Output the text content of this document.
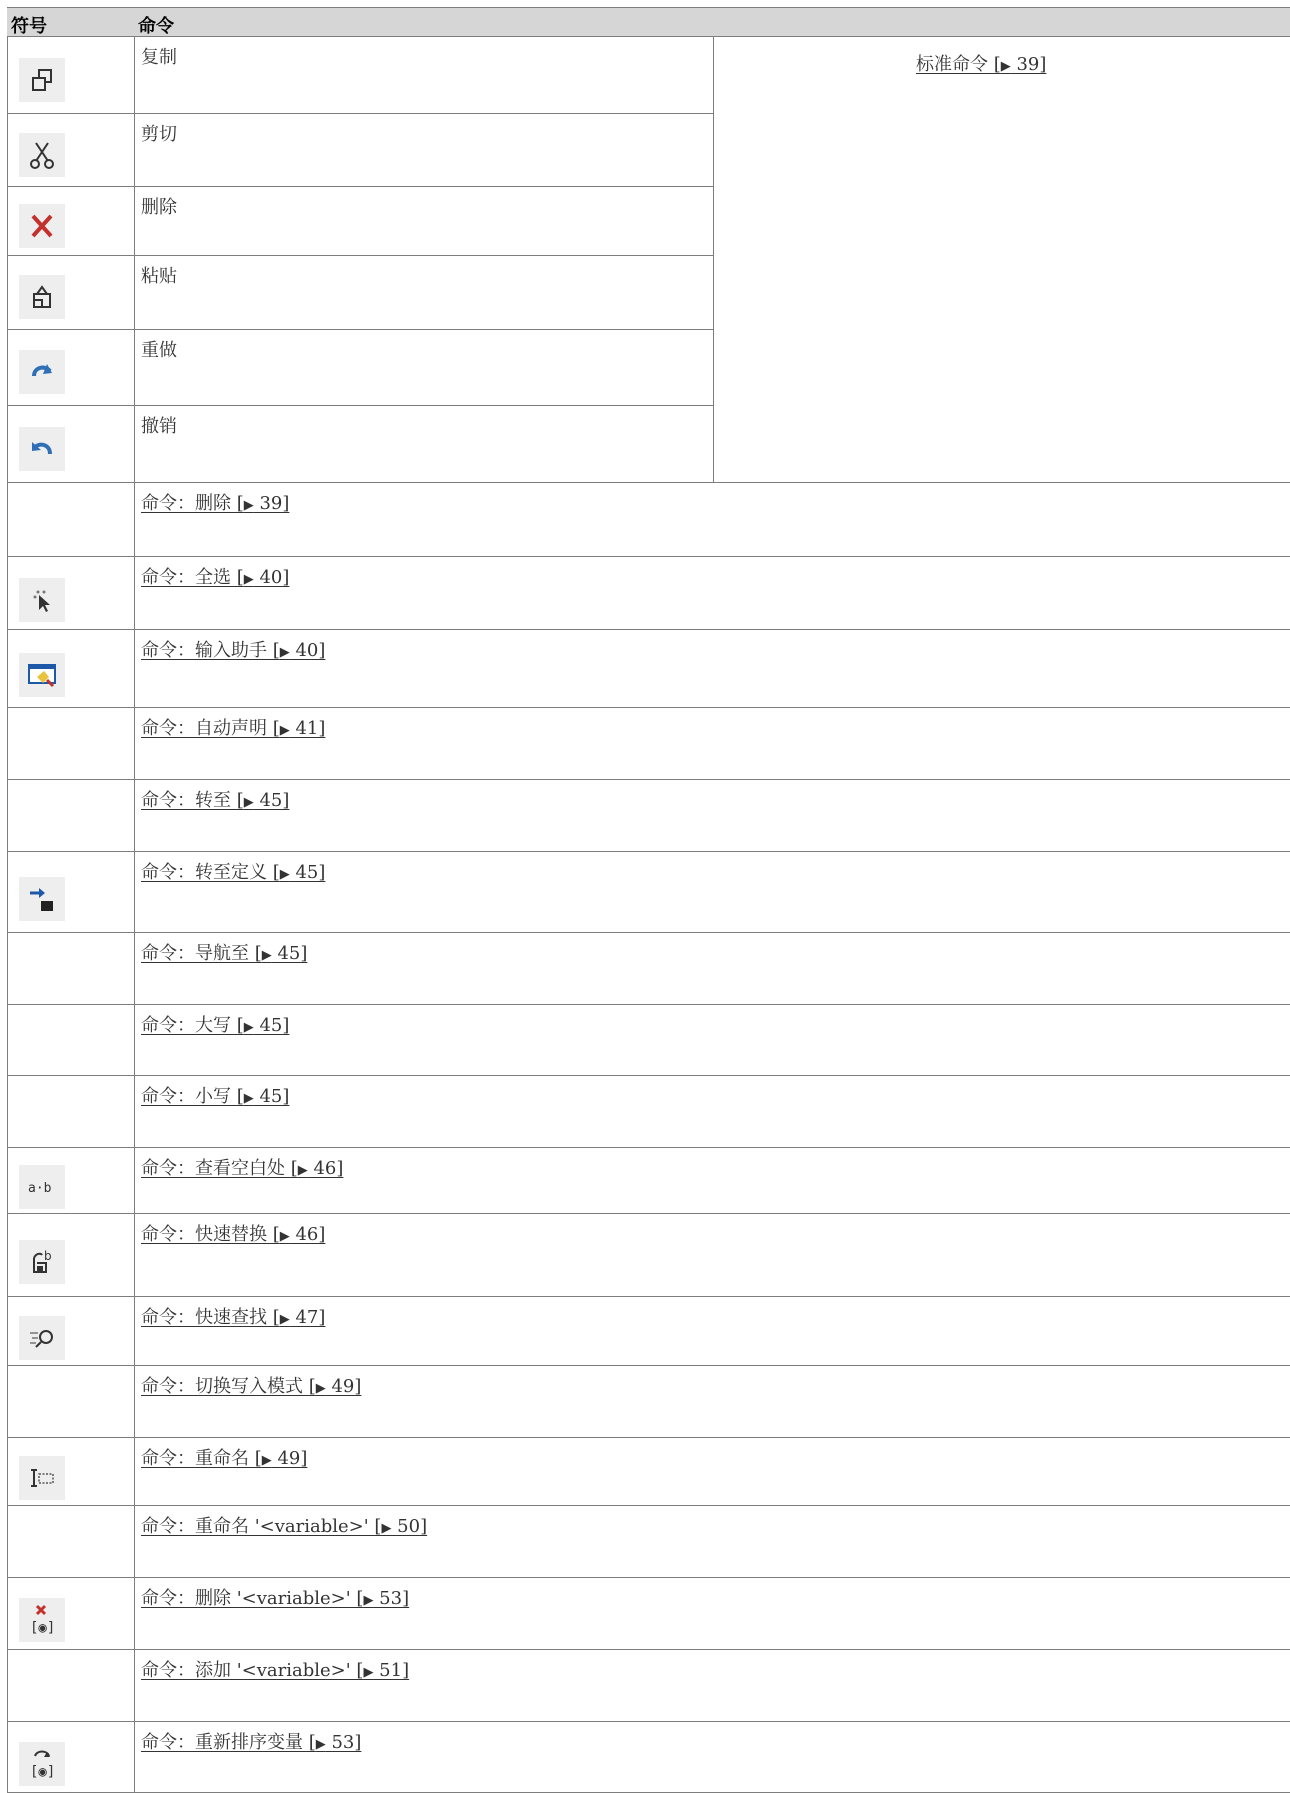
符号	命令
标准命令 [▶ 39]
复制
剪切
删除
粘贴
重做
撤销
命令：删除 [▶ 39]
命令：全选 [▶ 40]
命令：输入助手 [▶ 40]
命令：自动声明 [▶ 41]
命令：转至 [▶ 45]
命令：转至定义 [▶ 45]
命令：导航至 [▶ 45]
命令：大写 [▶ 45]
命令：小写 [▶ 45]
a·b
命令：查看空白处 [▶ 46]
b
命令：快速替换 [▶ 46]
命令：快速查找 [▶ 47]
命令：切换写入模式 [▶ 49]
命令：重命名 [▶ 49]
命令：重命名 '<variable>' [▶ 50]
[◉]
命令：删除 '<variable>' [▶ 53]
命令：添加 '<variable>' [▶ 51]
[◉]
命令：重新排序变量 [▶ 53]
